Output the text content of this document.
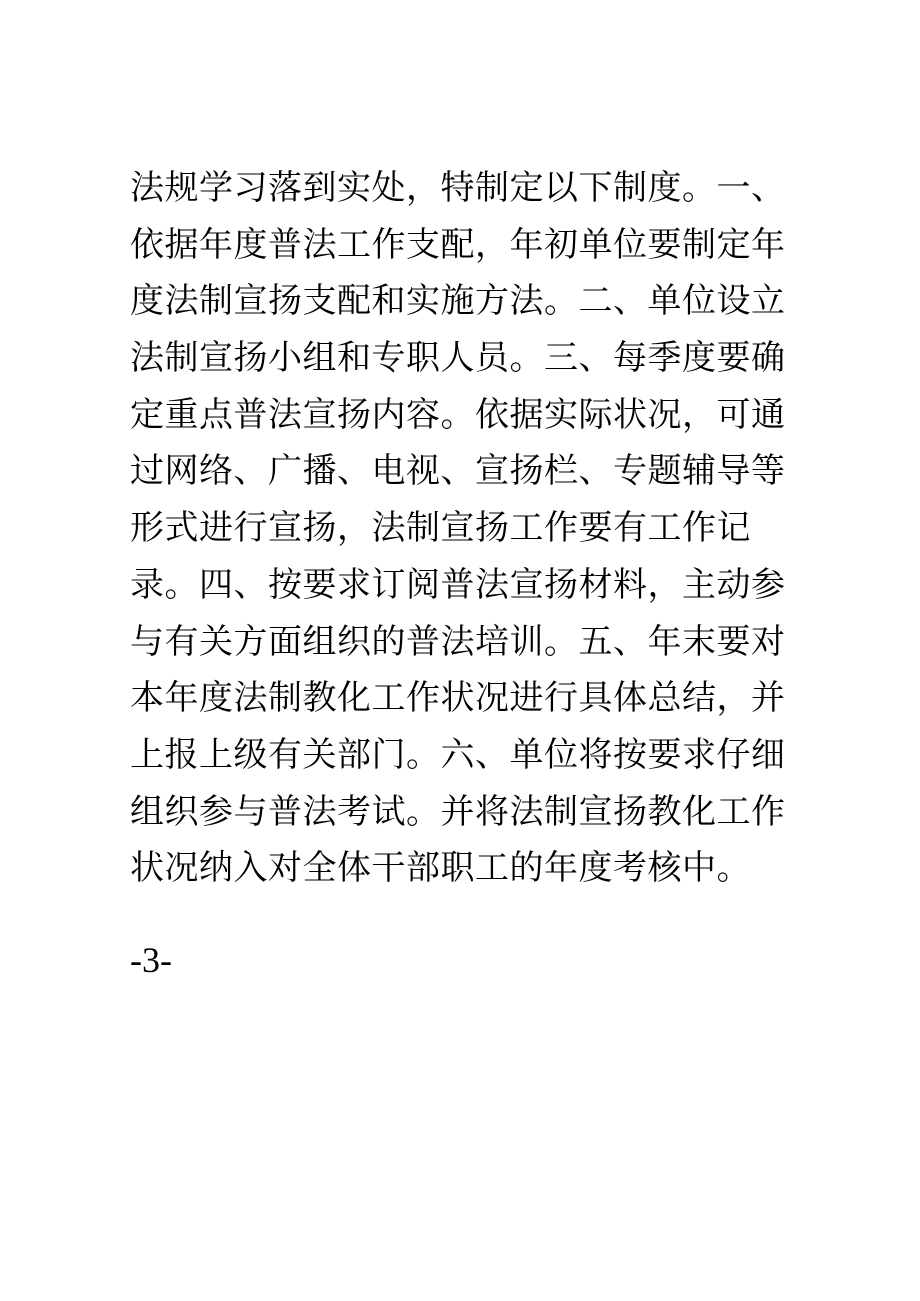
法规学习落到实处，特制定以下制度。一、
依据年度普法工作支配，年初单位要制定年
度法制宣扬支配和实施方法。二、单位设立
法制宣扬小组和专职人员。三、每季度要确
定重点普法宣扬内容。依据实际状况，可通
过网络、广播、电视、宣扬栏、专题辅导等
形式进行宣扬，法制宣扬工作要有工作记
录。四、按要求订阅普法宣扬材料，主动参
与有关方面组织的普法培训。五、年末要对
本年度法制教化工作状况进行具体总结，并
上报上级有关部门。六、单位将按要求仔细
组织参与普法考试。并将法制宣扬教化工作
状况纳入对全体干部职工的年度考核中。
-3-
